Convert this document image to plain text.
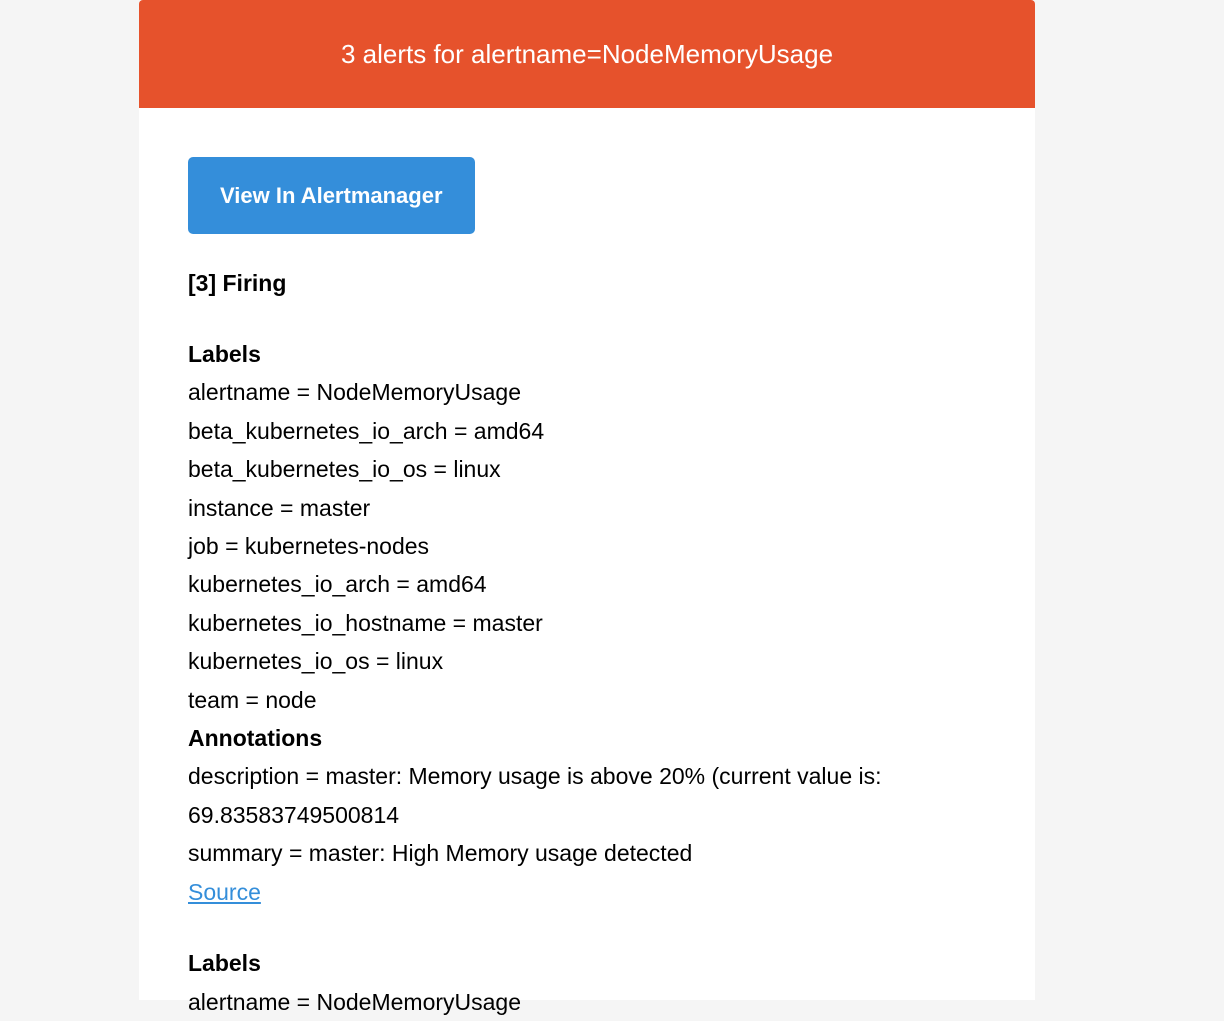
3 alerts for alertname=NodeMemoryUsage
View In Alertmanager
[3] Firing
Labels
alertname = NodeMemoryUsage
beta_kubernetes_io_arch = amd64
beta_kubernetes_io_os = linux
instance = master
job = kubernetes-nodes
kubernetes_io_arch = amd64
kubernetes_io_hostname = master
kubernetes_io_os = linux
team = node
Annotations
description = master: Memory usage is above 20% (current value is: 69.83583749500814
summary = master: High Memory usage detected
Source
Labels
alertname = NodeMemoryUsage
